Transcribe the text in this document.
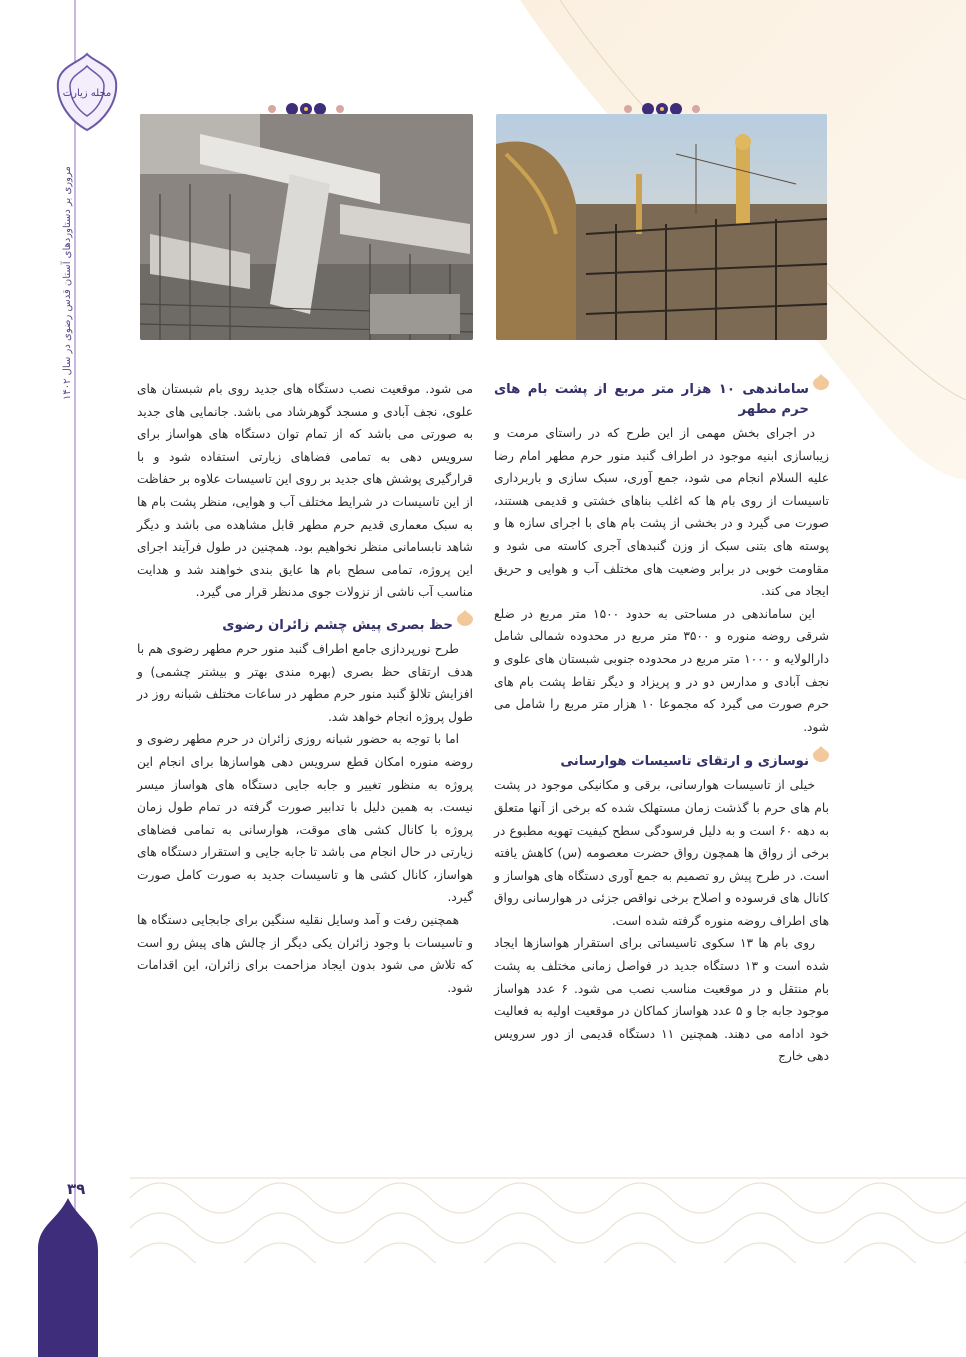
مجله زیارت
مروری بر دستاوردهای آستان قدس رضوی در سال ۱۴۰۲
۳۹
ساماندهی ۱۰ هزار متر مربع از پشت بام های حرم مطهر

در اجرای بخش مهمی از این طرح که در راستای مرمت و زیباسازی ابنیه موجود در اطراف گنبد منور حرم مطهر امام رضا علیه السلام انجام می شود، جمع آوری، سبک سازی و باربرداری تاسیسات از روی بام ها که اغلب بناهای خشتی و قدیمی هستند، صورت می گیرد و در بخشی از پشت بام های با اجرای سازه ها و پوسته های بتنی سبک از وزن گنبدهای آجری کاسته می شود و مقاومت خوبی در برابر وضعیت های مختلف آب و هوایی و حریق ایجاد می کند.

این ساماندهی در مساحتی به حدود ۱۵۰۰ متر مربع در ضلع شرقی روضه منوره و ۳۵۰۰ متر مربع در محدوده شمالی شامل دارالولایه و ۱۰۰۰ متر مربع در محدوده جنوبی شبستان های علوی و نجف آبادی و مدارس دو در و پریزاد و دیگر نقاط پشت بام های حرم صورت می گیرد که مجموعا ۱۰ هزار متر مربع را شامل می شود.

نوسازی و ارتقای تاسیسات هوارسانی

خیلی از تاسیسات هوارسانی، برقی و مکانیکی موجود در پشت بام های حرم با گذشت زمان مستهلک شده که برخی از آنها متعلق به دهه ۶۰ است و به دلیل فرسودگی سطح کیفیت تهویه مطبوع در برخی از رواق ها همچون رواق حضرت معصومه (س) کاهش یافته است. در طرح پیش رو تصمیم به جمع آوری دستگاه های هواساز و کانال های فرسوده و اصلاح برخی نواقص جزئی در هوارسانی رواق های اطراف روضه منوره گرفته شده است.

روی بام ها ۱۳ سکوی تاسیساتی برای استقرار هواسازها ایجاد شده است و ۱۳ دستگاه جدید در فواصل زمانی مختلف به پشت بام منتقل و در موقعیت مناسب نصب می شود. ۶ عدد هواساز موجود جابه جا و ۵ عدد هواساز کماکان در موقعیت اولیه به فعالیت خود ادامه می دهند. همچنین ۱۱ دستگاه قدیمی از دور سرویس دهی خارج

می شود. موقعیت نصب دستگاه های جدید روی بام شبستان های علوی، نجف آبادی و مسجد گوهرشاد می باشد. جانمایی های جدید به صورتی می باشد که از تمام توان دستگاه های هواساز برای سرویس دهی به تمامی فضاهای زیارتی استفاده شود و با قرارگیری پوشش های جدید بر روی این تاسیسات علاوه بر حفاظت از این تاسیسات در شرایط مختلف آب و هوایی، منظر پشت بام ها به سبک معماری قدیم حرم مطهر قابل مشاهده می باشد و دیگر شاهد نابسامانی منظر نخواهیم بود. همچنین در طول فرآیند اجرای این پروژه، تمامی سطح بام ها عایق بندی خواهند شد و هدایت مناسب آب ناشی از نزولات جوی مدنظر قرار می گیرد.

حظ بصری پیش چشم زائران رضوی

طرح نورپردازی جامع اطراف گنبد منور حرم مطهر رضوی هم با هدف ارتقای حظ بصری (بهره مندی بهتر و بیشتر چشمی) و افزایش تلالؤ گنبد منور حرم مطهر در ساعات مختلف شبانه روز در طول پروژه انجام خواهد شد.

اما با توجه به حضور شبانه روزی زائران در حرم مطهر رضوی و روضه منوره امکان قطع سرویس دهی هواسازها برای انجام این پروژه به منظور تغییر و جابه جایی دستگاه های هواساز میسر نیست. به همین دلیل با تدابیر صورت گرفته در تمام طول زمان پروژه با کانال کشی های موقت، هوارسانی به تمامی فضاهای زیارتی در حال انجام می باشد تا جابه جایی و استقرار دستگاه های هواساز، کانال کشی ها و تاسیسات جدید به صورت کامل صورت گیرد.

همچنین رفت و آمد وسایل نقلیه سنگین برای جابجایی دستگاه ها و تاسیسات با وجود زائران یکی دیگر از چالش های پیش رو است که تلاش می شود بدون ایجاد مزاحمت برای زائران، این اقدامات شود.
